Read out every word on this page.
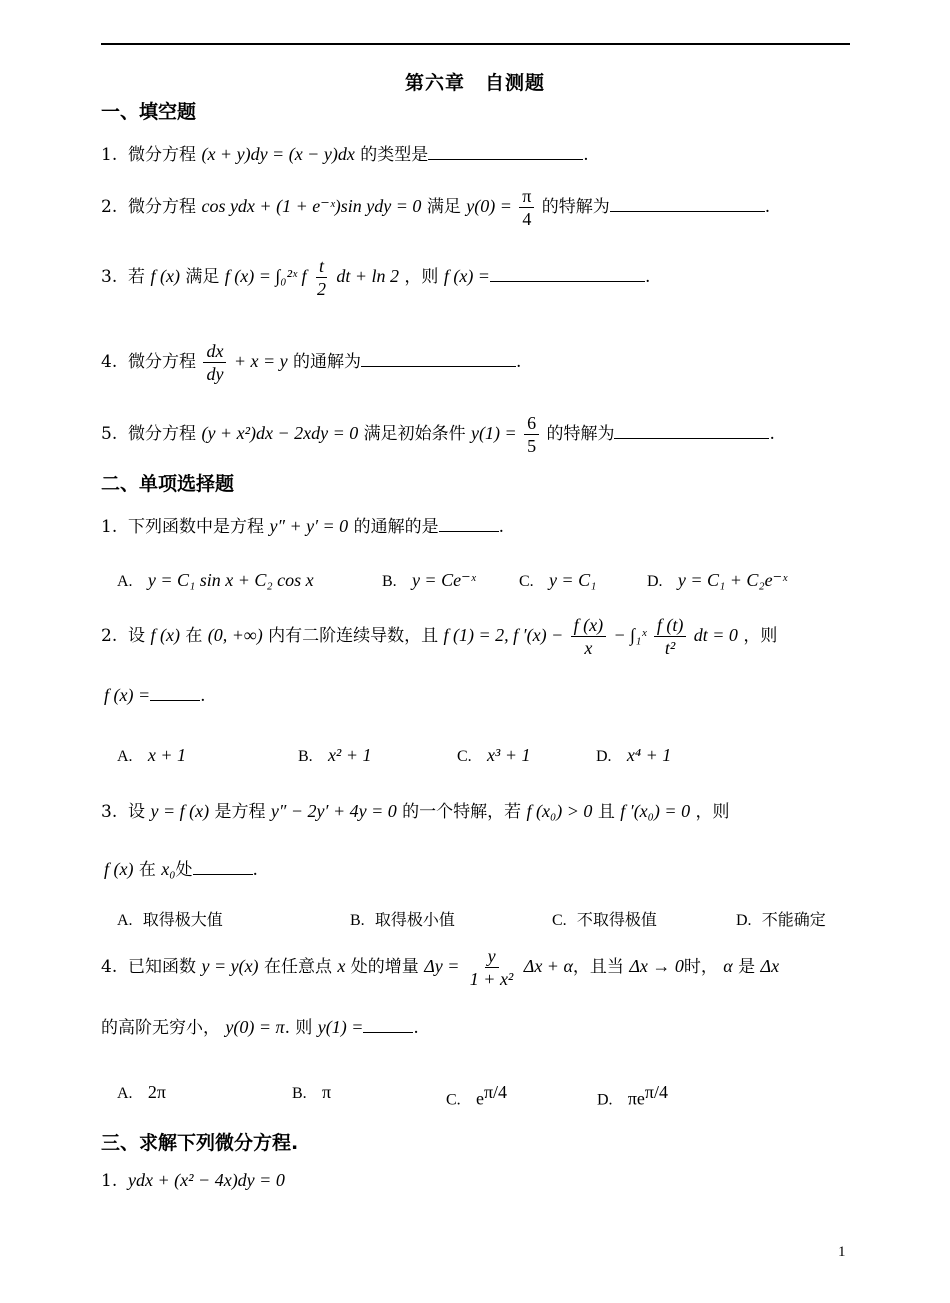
第六章　自测题
一、填空题
1. 微分方程 (x + y)dy = (x − y)dx 的类型是	.
2. 微分方程 cos ydx + (1 + e⁻ˣ)sin ydy = 0 满足 $y(0) = \frac{\pi}{4}$ 的特解为	.
3. 若 f (x) 满足 f (x) = ∫₀²ˣ f $\frac{t}{2}$ dt + ln 2 ，则 f (x) =	.
4. 微分方程 $\frac{dx}{dy} + x = y$ 的通解为	.
5. 微分方程 (y + x²)dx − 2xdy = 0 满足初始条件 $y(1) = \frac{6}{5}$ 的特解为	.
二、单项选择题
1. 下列函数中是方程 y″ + y′ = 0 的通解的是	.
A. y = C₁ sin x + C₂ cos x	B. y = Ce⁻ˣ	C. y = C₁	D. y = C₁ + C₂e⁻ˣ
2. 设 f (x) 在 (0, +∞) 内有二阶连续导数，且 f (1) = 2, f $'(x) - \frac{f (x)}{x}$ − ∫₁ˣ $\frac{f (t)}{\text{t²}}$ dt = 0 ，则
f (x) =	.
A. x + 1	B. x² + 1	C. x³ + 1	D. x⁴ + 1
3. 设 y = f (x) 是方程 y″ − 2y′ + 4y = 0 的一个特解，若 f (x₀) > 0 且 f ′(x₀) = 0 ，则
f (x) 在 x₀处	.
A. 取得极大值	B. 取得极小值	C. 不取得极值	D. 不能确定
4. 已知函数 y = y(x) 在任意点 x 处的增量 $\Delta y = \frac{y}{\text{1 + x²}}$ Δx + α，且当 Δx → 0时， α 是 Δx
的高阶无穷小， y(0) = π. 则 y(1) =	.
A. 2π	B. π	C. $e^{\pi/4}$	D. $\pi e^{\pi/4}$
三、求解下列微分方程.
1. ydx + (x² − 4x)dy = 0
1
